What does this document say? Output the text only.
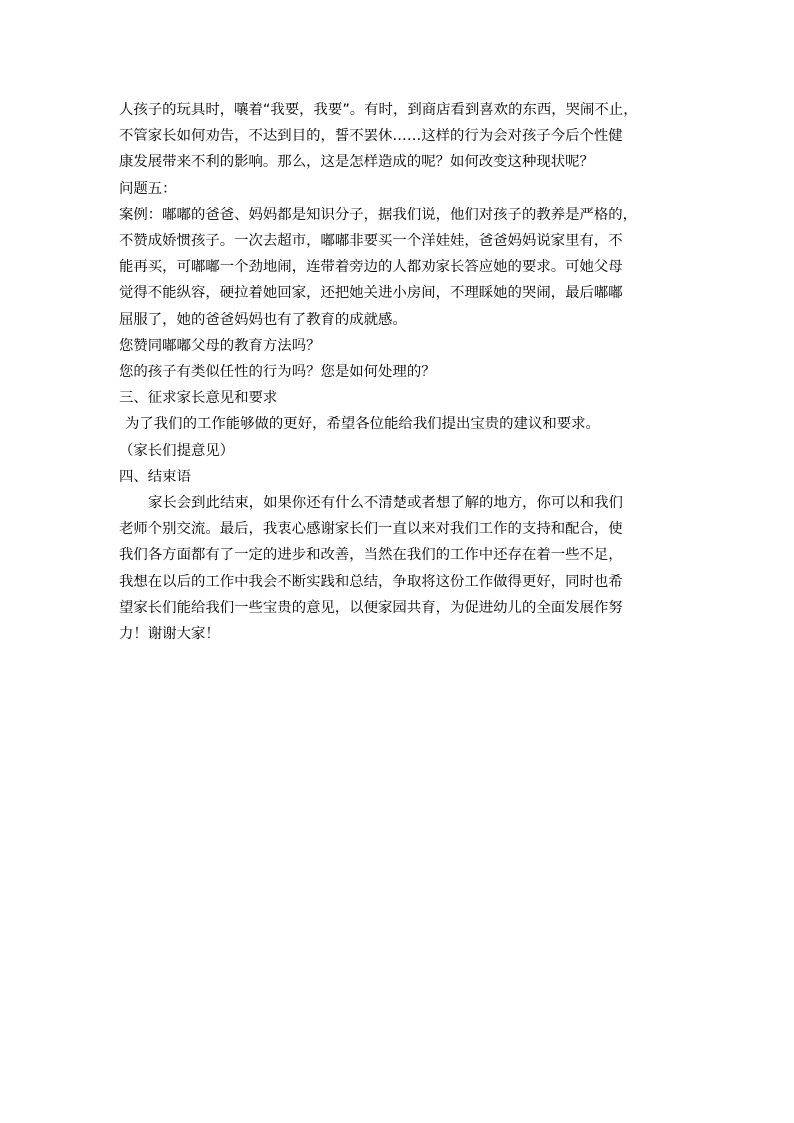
人孩子的玩具时，嚷着“我要，我要”。有时，到商店看到喜欢的东西，哭闹不止，

不管家长如何劝告，不达到目的，誓不罢休……这样的行为会对孩子今后个性健

康发展带来不利的影响。那么，这是怎样造成的呢？如何改变这种现状呢？

问题五：

案例：嘟嘟的爸爸、妈妈都是知识分子，据我们说，他们对孩子的教养是严格的，

不赞成娇惯孩子。一次去超市，嘟嘟非要买一个洋娃娃，爸爸妈妈说家里有，不

能再买，可嘟嘟一个劲地闹，连带着旁边的人都劝家长答应她的要求。可她父母

觉得不能纵容，硬拉着她回家，还把她关进小房间，不理睬她的哭闹，最后嘟嘟

屈服了，她的爸爸妈妈也有了教育的成就感。

您赞同嘟嘟父母的教育方法吗？

您的孩子有类似任性的行为吗？您是如何处理的？

三、征求家长意见和要求

为了我们的工作能够做的更好，希望各位能给我们提出宝贵的建议和要求。

（家长们提意见）

四、结束语

家长会到此结束，如果你还有什么不清楚或者想了解的地方，你可以和我们

老师个别交流。最后，我衷心感谢家长们一直以来对我们工作的支持和配合，使

我们各方面都有了一定的进步和改善，当然在我们的工作中还存在着一些不足，

我想在以后的工作中我会不断实践和总结，争取将这份工作做得更好，同时也希

望家长们能给我们一些宝贵的意见，以便家园共育，为促进幼儿的全面发展作努

力！谢谢大家！
